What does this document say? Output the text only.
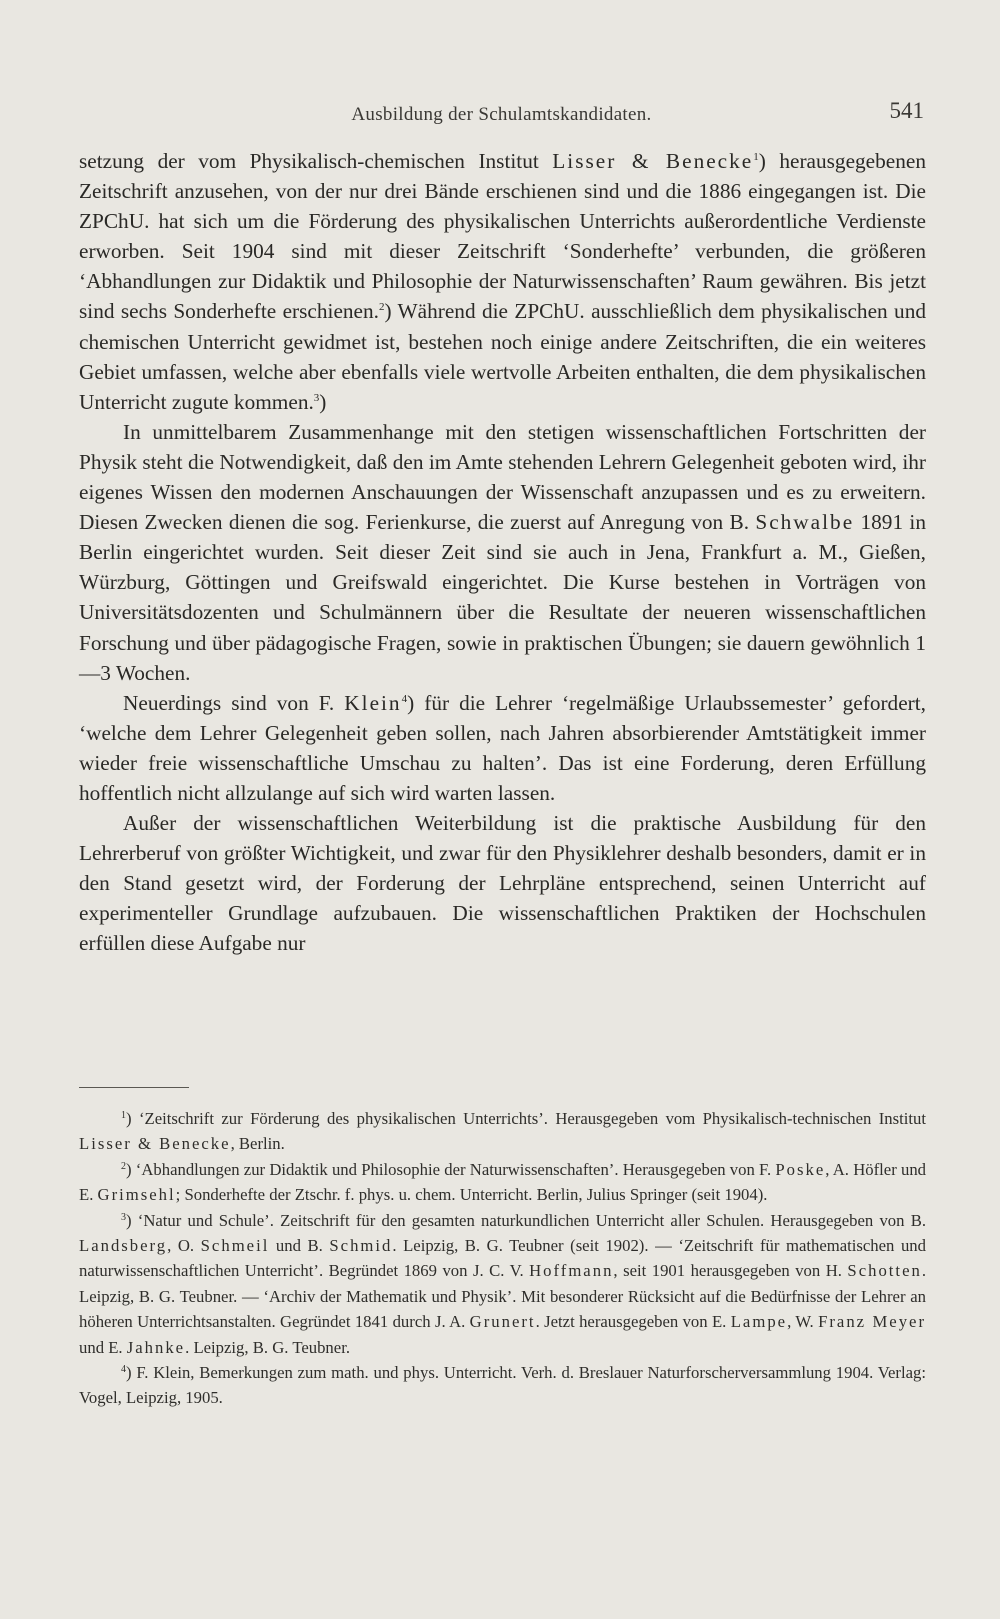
Ausbildung der Schulamtskandidaten.	541

setzung der vom Physikalisch-chemischen Institut Lisser & Benecke$^1$) herausgegebenen Zeitschrift anzusehen, von der nur drei Bände erschienen sind und die 1886 eingegangen ist. Die ZPChU. hat sich um die Förderung des physikalischen Unterrichts außerordentliche Verdienste erworben. Seit 1904 sind mit dieser Zeitschrift ‘Sonderhefte’ verbunden, die größeren ‘Abhandlungen zur Didaktik und Philosophie der Naturwissenschaften’ Raum gewähren. Bis jetzt sind sechs Sonderhefte erschienen.$^2$) Während die ZPChU. ausschließlich dem physikalischen und chemischen Unterricht gewidmet ist, bestehen noch einige andere Zeitschriften, die ein weiteres Gebiet umfassen, welche aber ebenfalls viele wertvolle Arbeiten enthalten, die dem physikalischen Unterricht zugute kommen.$^3$)

In unmittelbarem Zusammenhange mit den stetigen wissenschaftlichen Fortschritten der Physik steht die Notwendigkeit, daß den im Amte stehenden Lehrern Gelegenheit geboten wird, ihr eigenes Wissen den modernen Anschauungen der Wissenschaft anzupassen und es zu erweitern. Diesen Zwecken dienen die sog. Ferienkurse, die zuerst auf Anregung von B. Schwalbe 1891 in Berlin eingerichtet wurden. Seit dieser Zeit sind sie auch in Jena, Frankfurt a. M., Gießen, Würzburg, Göttingen und Greifswald eingerichtet. Die Kurse bestehen in Vorträgen von Universitätsdozenten und Schulmännern über die Resultate der neueren wissenschaftlichen Forschung und über pädagogische Fragen, sowie in praktischen Übungen; sie dauern gewöhnlich 1—3 Wochen.

Neuerdings sind von F. Klein$^4$) für die Lehrer ‘regelmäßige Urlaubssemester’ gefordert, ‘welche dem Lehrer Gelegenheit geben sollen, nach Jahren absorbierender Amtstätigkeit immer wieder freie wissenschaftliche Umschau zu halten’. Das ist eine Forderung, deren Erfüllung hoffentlich nicht allzulange auf sich wird warten lassen.

Außer der wissenschaftlichen Weiterbildung ist die praktische Ausbildung für den Lehrerberuf von größter Wichtigkeit, und zwar für den Physiklehrer deshalb besonders, damit er in den Stand gesetzt wird, der Forderung der Lehrpläne entsprechend, seinen Unterricht auf experimenteller Grundlage aufzubauen. Die wissenschaftlichen Praktiken der Hochschulen erfüllen diese Aufgabe nur

$^1$) ‘Zeitschrift zur Förderung des physikalischen Unterrichts’. Herausgegeben vom Physikalisch-technischen Institut Lisser & Benecke, Berlin.

$^2$) ‘Abhandlungen zur Didaktik und Philosophie der Naturwissenschaften’. Herausgegeben von F. Poske, A. Höfler und E. Grimsehl; Sonderhefte der Ztschr. f. phys. u. chem. Unterricht. Berlin, Julius Springer (seit 1904).

$^3$) ‘Natur und Schule’. Zeitschrift für den gesamten naturkundlichen Unterricht aller Schulen. Herausgegeben von B. Landsberg, O. Schmeil und B. Schmid. Leipzig, B. G. Teubner (seit 1902). — ‘Zeitschrift für mathematischen und naturwissenschaftlichen Unterricht’. Begründet 1869 von J. C. V. Hoffmann, seit 1901 herausgegeben von H. Schotten. Leipzig, B. G. Teubner. — ‘Archiv der Mathematik und Physik’. Mit besonderer Rücksicht auf die Bedürfnisse der Lehrer an höheren Unterrichtsanstalten. Gegründet 1841 durch J. A. Grunert. Jetzt herausgegeben von E. Lampe, W. Franz Meyer und E. Jahnke. Leipzig, B. G. Teubner.

$^4$) F. Klein, Bemerkungen zum math. und phys. Unterricht. Verh. d. Breslauer Naturforscherversammlung 1904. Verlag: Vogel, Leipzig, 1905.
